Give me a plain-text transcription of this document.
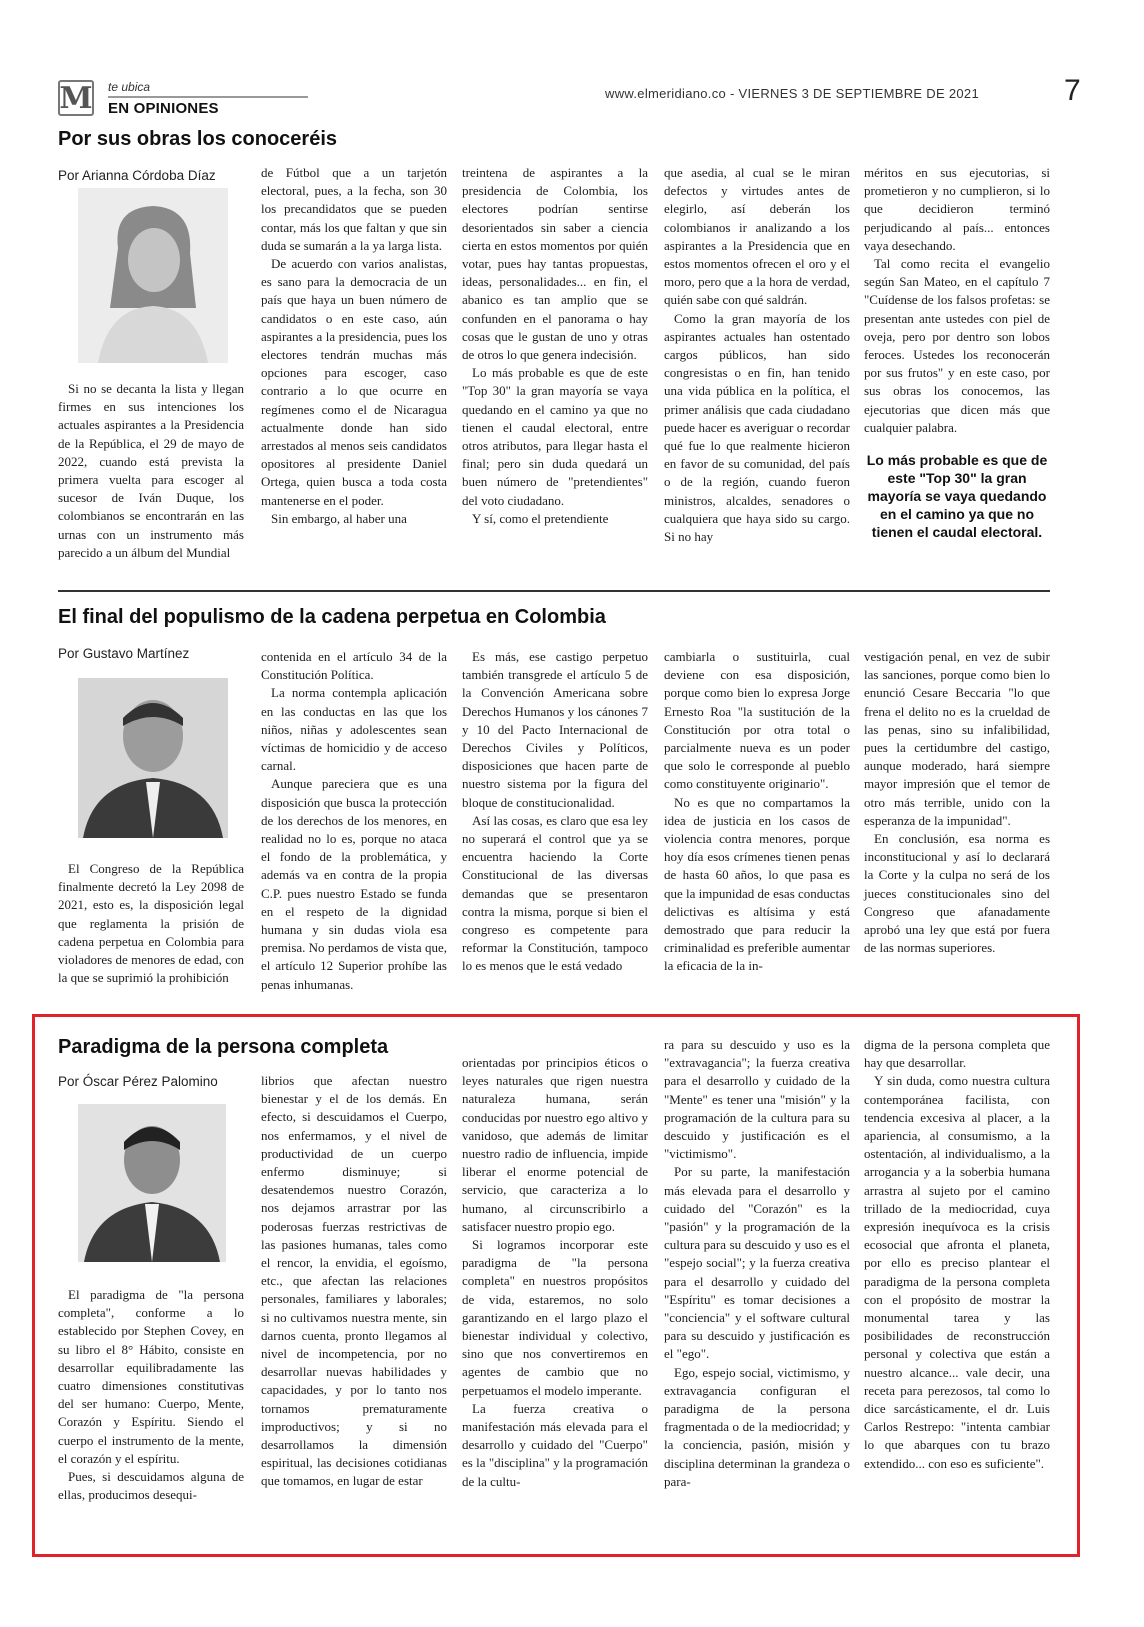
M te ubica
EN OPINIONES
www.elmeridiano.co - VIERNES 3 DE SEPTIEMBRE DE 2021	7
Por sus obras los conoceréis
Por Arianna Córdoba Díaz

Si no se decanta la lista y llegan firmes en sus intenciones los actuales aspirantes a la Presidencia de la República, el 29 de mayo de 2022, cuando está prevista la primera vuelta para escoger al sucesor de Iván Duque, los colombianos se encontrarán en las urnas con un instrumento más parecido a un álbum del Mundial

de Fútbol que a un tarjetón electoral, pues, a la fecha, son 30 los precandidatos que se pueden contar, más los que faltan y que sin duda se sumarán a la ya larga lista.

De acuerdo con varios analistas, es sano para la democracia de un país que haya un buen número de candidatos o en este caso, aún aspirantes a la presidencia, pues los electores tendrán muchas más opciones para escoger, caso contrario a lo que ocurre en regímenes como el de Nicaragua actualmente donde han sido arrestados al menos seis candidatos opositores al presidente Daniel Ortega, quien busca a toda costa mantenerse en el poder.

Sin embargo, al haber una

treintena de aspirantes a la presidencia de Colombia, los electores podrían sentirse desorientados sin saber a ciencia cierta en estos momentos por quién votar, pues hay tantas propuestas, ideas, personalidades... en fin, el abanico es tan amplio que se confunden en el panorama o hay cosas que le gustan de uno y otras de otros lo que genera indecisión.

Lo más probable es que de este "Top 30" la gran mayoría se vaya quedando en el camino ya que no tienen el caudal electoral, entre otros atributos, para llegar hasta el final; pero sin duda quedará un buen número de "pretendientes" del voto ciudadano.

Y sí, como el pretendiente

que asedia, al cual se le miran defectos y virtudes antes de elegirlo, así deberán los colombianos ir analizando a los aspirantes a la Presidencia que en estos momentos ofrecen el oro y el moro, pero que a la hora de verdad, quién sabe con qué saldrán.

Como la gran mayoría de los aspirantes actuales han ostentado cargos públicos, han sido congresistas o en fin, han tenido una vida pública en la política, el primer análisis que cada ciudadano puede hacer es averiguar o recordar qué fue lo que realmente hicieron en favor de su comunidad, del país o de la región, cuando fueron ministros, alcaldes, senadores o cualquiera que haya sido su cargo. Si no hay

méritos en sus ejecutorias, si prometieron y no cumplieron, si lo que decidieron terminó perjudicando al país... entonces vaya desechando.

Tal como recita el evangelio según San Mateo, en el capítulo 7 "Cuídense de los falsos profetas: se presentan ante ustedes con piel de oveja, pero por dentro son lobos feroces. Ustedes los reconocerán por sus frutos" y en este caso, por sus obras los conocemos, las ejecutorias que dicen más que cualquier palabra.

Lo más probable es que de este "Top 30" la gran mayoría se vaya quedando en el camino ya que no tienen el caudal electoral.
El final del populismo de la cadena perpetua en Colombia
Por Gustavo Martínez

El Congreso de la República finalmente decretó la Ley 2098 de 2021, esto es, la disposición legal que reglamenta la prisión de cadena perpetua en Colombia para violadores de menores de edad, con la que se suprimió la prohibición

contenida en el artículo 34 de la Constitución Política.

La norma contempla aplicación en las conductas en las que los niños, niñas y adolescentes sean víctimas de homicidio y de acceso carnal.

Aunque pareciera que es una disposición que busca la protección de los derechos de los menores, en realidad no lo es, porque no ataca el fondo de la problemática, y además va en contra de la propia C.P. pues nuestro Estado se funda en el respeto de la dignidad humana y sin dudas viola esa premisa. No perdamos de vista que, el artículo 12 Superior prohíbe las penas inhumanas.

Es más, ese castigo perpetuo también transgrede el artículo 5 de la Convención Americana sobre Derechos Humanos y los cánones 7 y 10 del Pacto Internacional de Derechos Civiles y Políticos, disposiciones que hacen parte de nuestro sistema por la figura del bloque de constitucionalidad.

Así las cosas, es claro que esa ley no superará el control que ya se encuentra haciendo la Corte Constitucional de las diversas demandas que se presentaron contra la misma, porque si bien el congreso es competente para reformar la Constitución, tampoco lo es menos que le está vedado

cambiarla o sustituirla, cual deviene con esa disposición, porque como bien lo expresa Jorge Ernesto Roa "la sustitución de la Constitución por otra total o parcialmente nueva es un poder que solo le corresponde al pueblo como constituyente originario".

No es que no compartamos la idea de justicia en los casos de violencia contra menores, porque hoy día esos crímenes tienen penas de hasta 60 años, lo que pasa es que la impunidad de esas conductas delictivas es altísima y está demostrado que para reducir la criminalidad es preferible aumentar la eficacia de la in-

vestigación penal, en vez de subir las sanciones, porque como bien lo enunció Cesare Beccaria "lo que frena el delito no es la crueldad de las penas, sino su infalibilidad, pues la certidumbre del castigo, aunque moderado, hará siempre mayor impresión que el temor de otro más terrible, unido con la esperanza de la impunidad".

En conclusión, esa norma es inconstitucional y así lo declarará la Corte y la culpa no será de los jueces constitucionales sino del Congreso que afanadamente aprobó una ley que está por fuera de las normas superiores.

Paradigma de la persona completa
Por Óscar Pérez Palomino

El paradigma de "la persona completa", conforme a lo establecido por Stephen Covey, en su libro el 8° Hábito, consiste en desarrollar equilibradamente las cuatro dimensiones constitutivas del ser humano: Cuerpo, Mente, Corazón y Espíritu. Siendo el cuerpo el instrumento de la mente, el corazón y el espíritu.

Pues, si descuidamos alguna de ellas, producimos desequi-

librios que afectan nuestro bienestar y el de los demás. En efecto, si descuidamos el Cuerpo, nos enfermamos, y el nivel de productividad de un cuerpo enfermo disminuye; si desatendemos nuestro Corazón, nos dejamos arrastrar por las poderosas fuerzas restrictivas de las pasiones humanas, tales como el rencor, la envidia, el egoísmo, etc., que afectan las relaciones personales, familiares y laborales; si no cultivamos nuestra mente, sin darnos cuenta, pronto llegamos al nivel de incompetencia, por no desarrollar nuevas habilidades y capacidades, y por lo tanto nos tornamos prematuramente improductivos; y si no desarrollamos la dimensión espiritual, las decisiones cotidianas que tomamos, en lugar de estar

orientadas por principios éticos o leyes naturales que rigen nuestra naturaleza humana, serán conducidas por nuestro ego altivo y vanidoso, que además de limitar nuestro radio de influencia, impide liberar el enorme potencial de servicio, que caracteriza a lo humano, al circunscribirlo a satisfacer nuestro propio ego.

Si logramos incorporar este paradigma de "la persona completa" en nuestros propósitos de vida, estaremos, no solo garantizando en el largo plazo el bienestar individual y colectivo, sino que nos convertiremos en agentes de cambio que no perpetuamos el modelo imperante.

La fuerza creativa o manifestación más elevada para el desarrollo y cuidado del "Cuerpo" es la "disciplina" y la programación de la cultu-

ra para su descuido y uso es la "extravagancia"; la fuerza creativa para el desarrollo y cuidado de la "Mente" es tener una "misión" y la programación de la cultura para su descuido y justificación es el "victimismo".

Por su parte, la manifestación más elevada para el desarrollo y cuidado del "Corazón" es la "pasión" y la programación de la cultura para su descuido y uso es el "espejo social"; y la fuerza creativa para el desarrollo y cuidado del "Espíritu" es tomar decisiones a "conciencia" y el software cultural para su descuido y justificación es el "ego".

Ego, espejo social, victimismo, y extravagancia configuran el paradigma de la persona fragmentada o de la mediocridad; y la conciencia, pasión, misión y disciplina determinan la grandeza o para-

digma de la persona completa que hay que desarrollar.

Y sin duda, como nuestra cultura contemporánea facilista, con tendencia excesiva al placer, a la apariencia, al consumismo, a la ostentación, al individualismo, a la arrogancia y a la soberbia humana arrastra al sujeto por el camino trillado de la mediocridad, cuya expresión inequívoca es la crisis ecosocial que afronta el planeta, por ello es preciso plantear el paradigma de la persona completa con el propósito de mostrar la monumental tarea y las posibilidades de reconstrucción personal y colectiva que están a nuestro alcance... vale decir, una receta para perezosos, tal como lo dice sarcásticamente, el dr. Luis Carlos Restrepo: "intenta cambiar lo que abarques con tu brazo extendido... con eso es suficiente".
